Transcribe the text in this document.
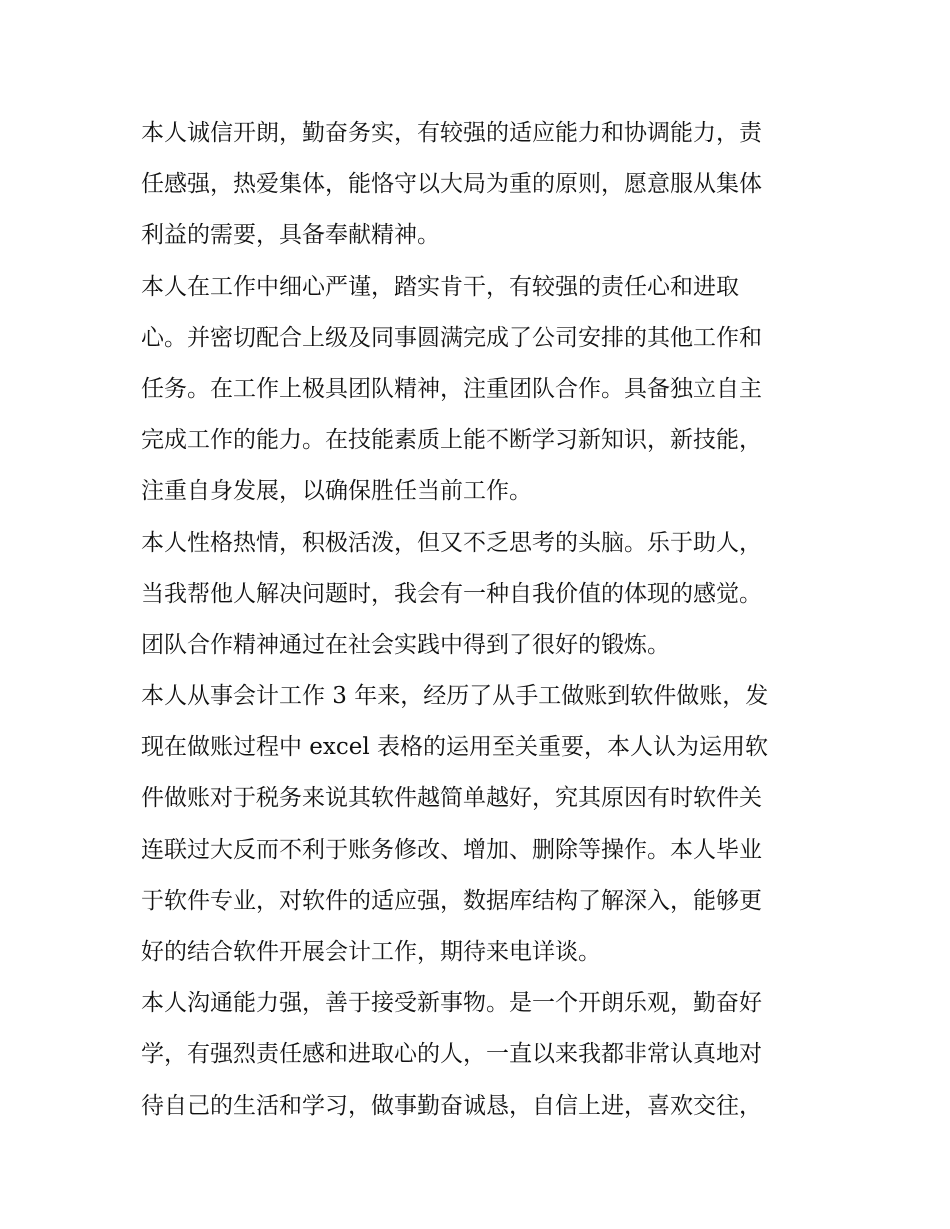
本人诚信开朗，勤奋务实，有较强的适应能力和协调能力，责
任感强，热爱集体，能恪守以大局为重的原则，愿意服从集体
利益的需要，具备奉献精神。
本人在工作中细心严谨，踏实肯干，有较强的责任心和进取
心。并密切配合上级及同事圆满完成了公司安排的其他工作和
任务。在工作上极具团队精神，注重团队合作。具备独立自主
完成工作的能力。在技能素质上能不断学习新知识，新技能，
注重自身发展，以确保胜任当前工作。
本人性格热情，积极活泼，但又不乏思考的头脑。乐于助人，
当我帮他人解决问题时，我会有一种自我价值的体现的感觉。
团队合作精神通过在社会实践中得到了很好的锻炼。
本人从事会计工作 3 年来，经历了从手工做账到软件做账，发
现在做账过程中 excel 表格的运用至关重要，本人认为运用软
件做账对于税务来说其软件越简单越好，究其原因有时软件关
连联过大反而不利于账务修改、增加、删除等操作。本人毕业
于软件专业，对软件的适应强，数据库结构了解深入，能够更
好的结合软件开展会计工作，期待来电详谈。
本人沟通能力强，善于接受新事物。是一个开朗乐观，勤奋好
学，有强烈责任感和进取心的人，一直以来我都非常认真地对
待自己的生活和学习，做事勤奋诚恳，自信上进，喜欢交往，
